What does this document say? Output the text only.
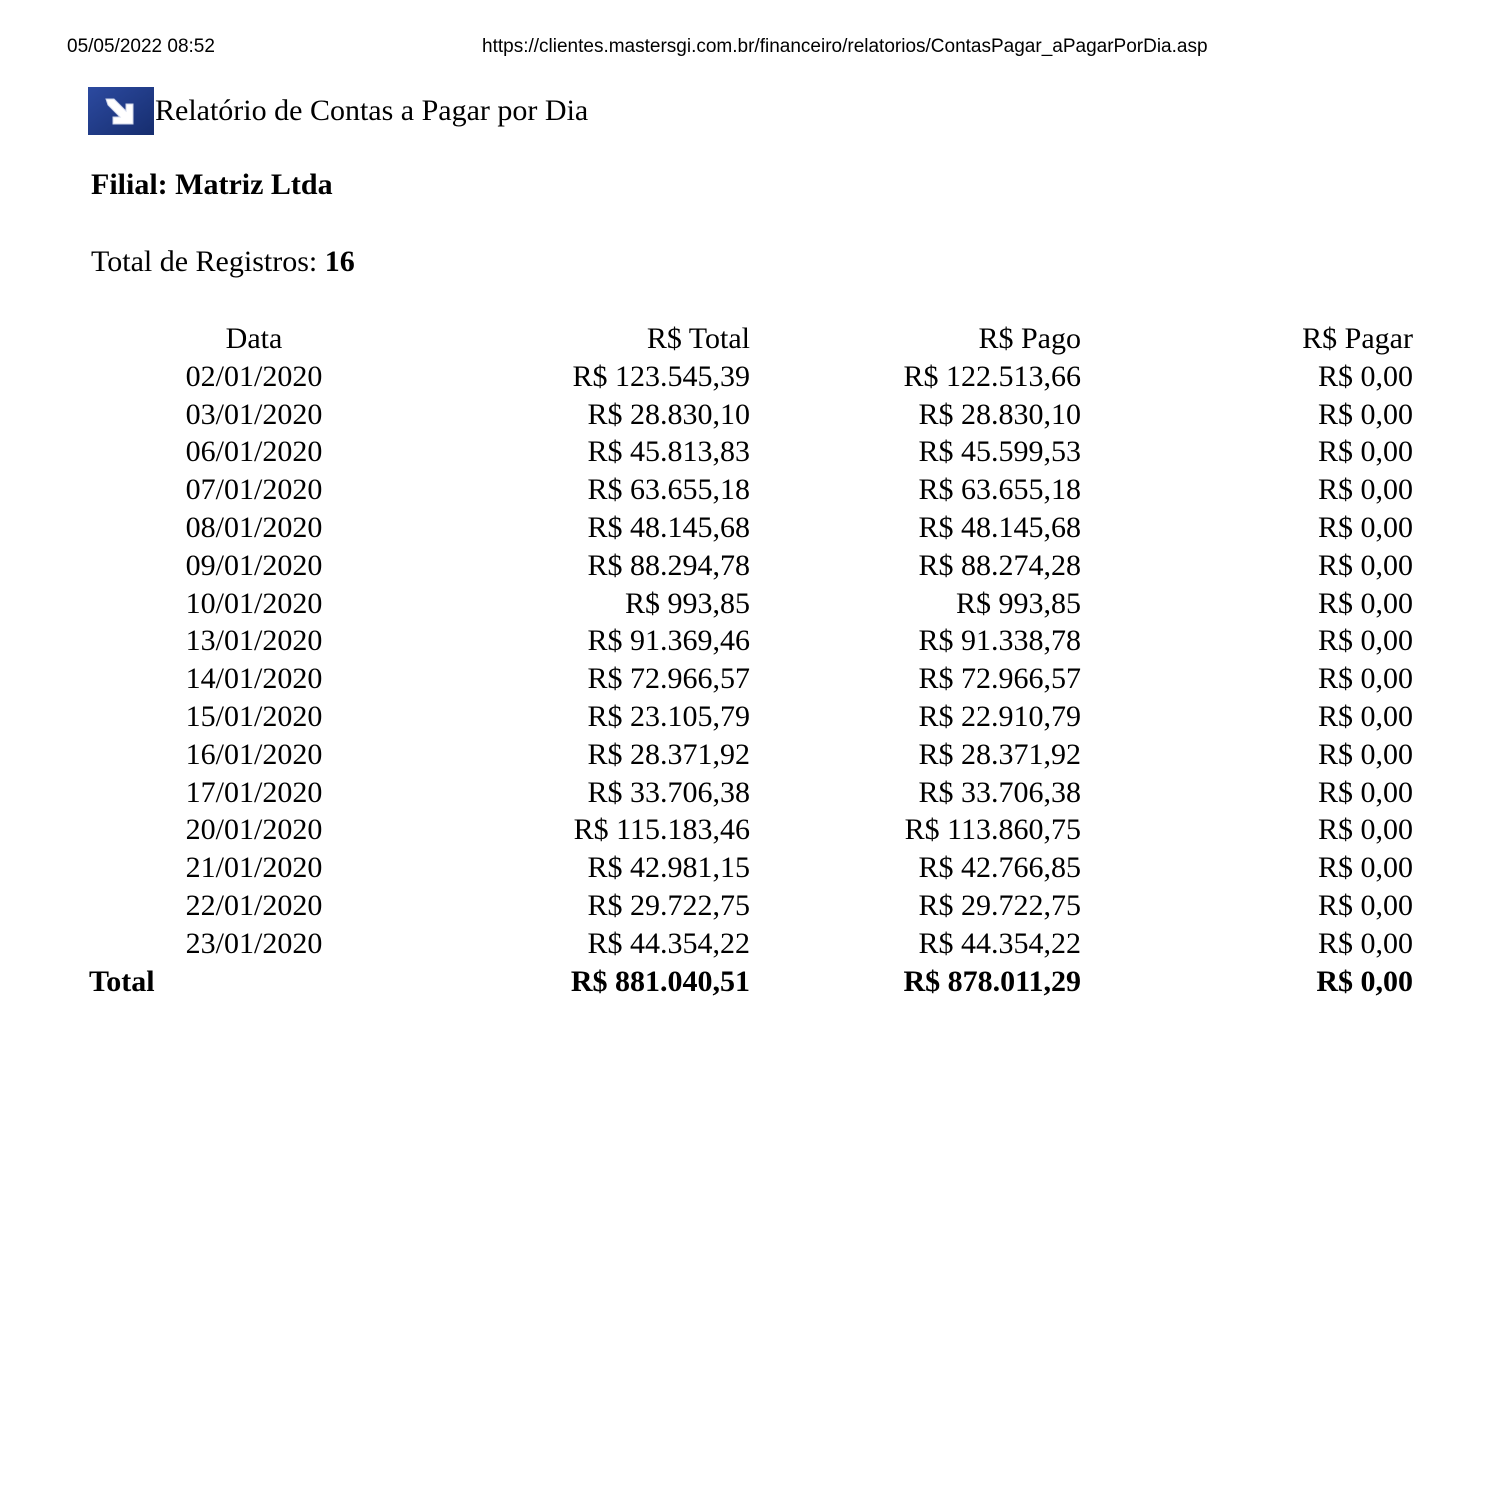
05/05/2022 08:52	https://clientes.mastersgi.com.br/financeiro/relatorios/ContasPagar_aPagarPorDia.asp
Relatório de Contas a Pagar por Dia
Filial: Matriz Ltda
Total de Registros: 16
Data	R$ Total	R$ Pago	R$ Pagar
02/01/2020	R$ 123.545,39	R$ 122.513,66	R$ 0,00
03/01/2020	R$ 28.830,10	R$ 28.830,10	R$ 0,00
06/01/2020	R$ 45.813,83	R$ 45.599,53	R$ 0,00
07/01/2020	R$ 63.655,18	R$ 63.655,18	R$ 0,00
08/01/2020	R$ 48.145,68	R$ 48.145,68	R$ 0,00
09/01/2020	R$ 88.294,78	R$ 88.274,28	R$ 0,00
10/01/2020	R$ 993,85	R$ 993,85	R$ 0,00
13/01/2020	R$ 91.369,46	R$ 91.338,78	R$ 0,00
14/01/2020	R$ 72.966,57	R$ 72.966,57	R$ 0,00
15/01/2020	R$ 23.105,79	R$ 22.910,79	R$ 0,00
16/01/2020	R$ 28.371,92	R$ 28.371,92	R$ 0,00
17/01/2020	R$ 33.706,38	R$ 33.706,38	R$ 0,00
20/01/2020	R$ 115.183,46	R$ 113.860,75	R$ 0,00
21/01/2020	R$ 42.981,15	R$ 42.766,85	R$ 0,00
22/01/2020	R$ 29.722,75	R$ 29.722,75	R$ 0,00
23/01/2020	R$ 44.354,22	R$ 44.354,22	R$ 0,00
Total	R$ 881.040,51	R$ 878.011,29	R$ 0,00
